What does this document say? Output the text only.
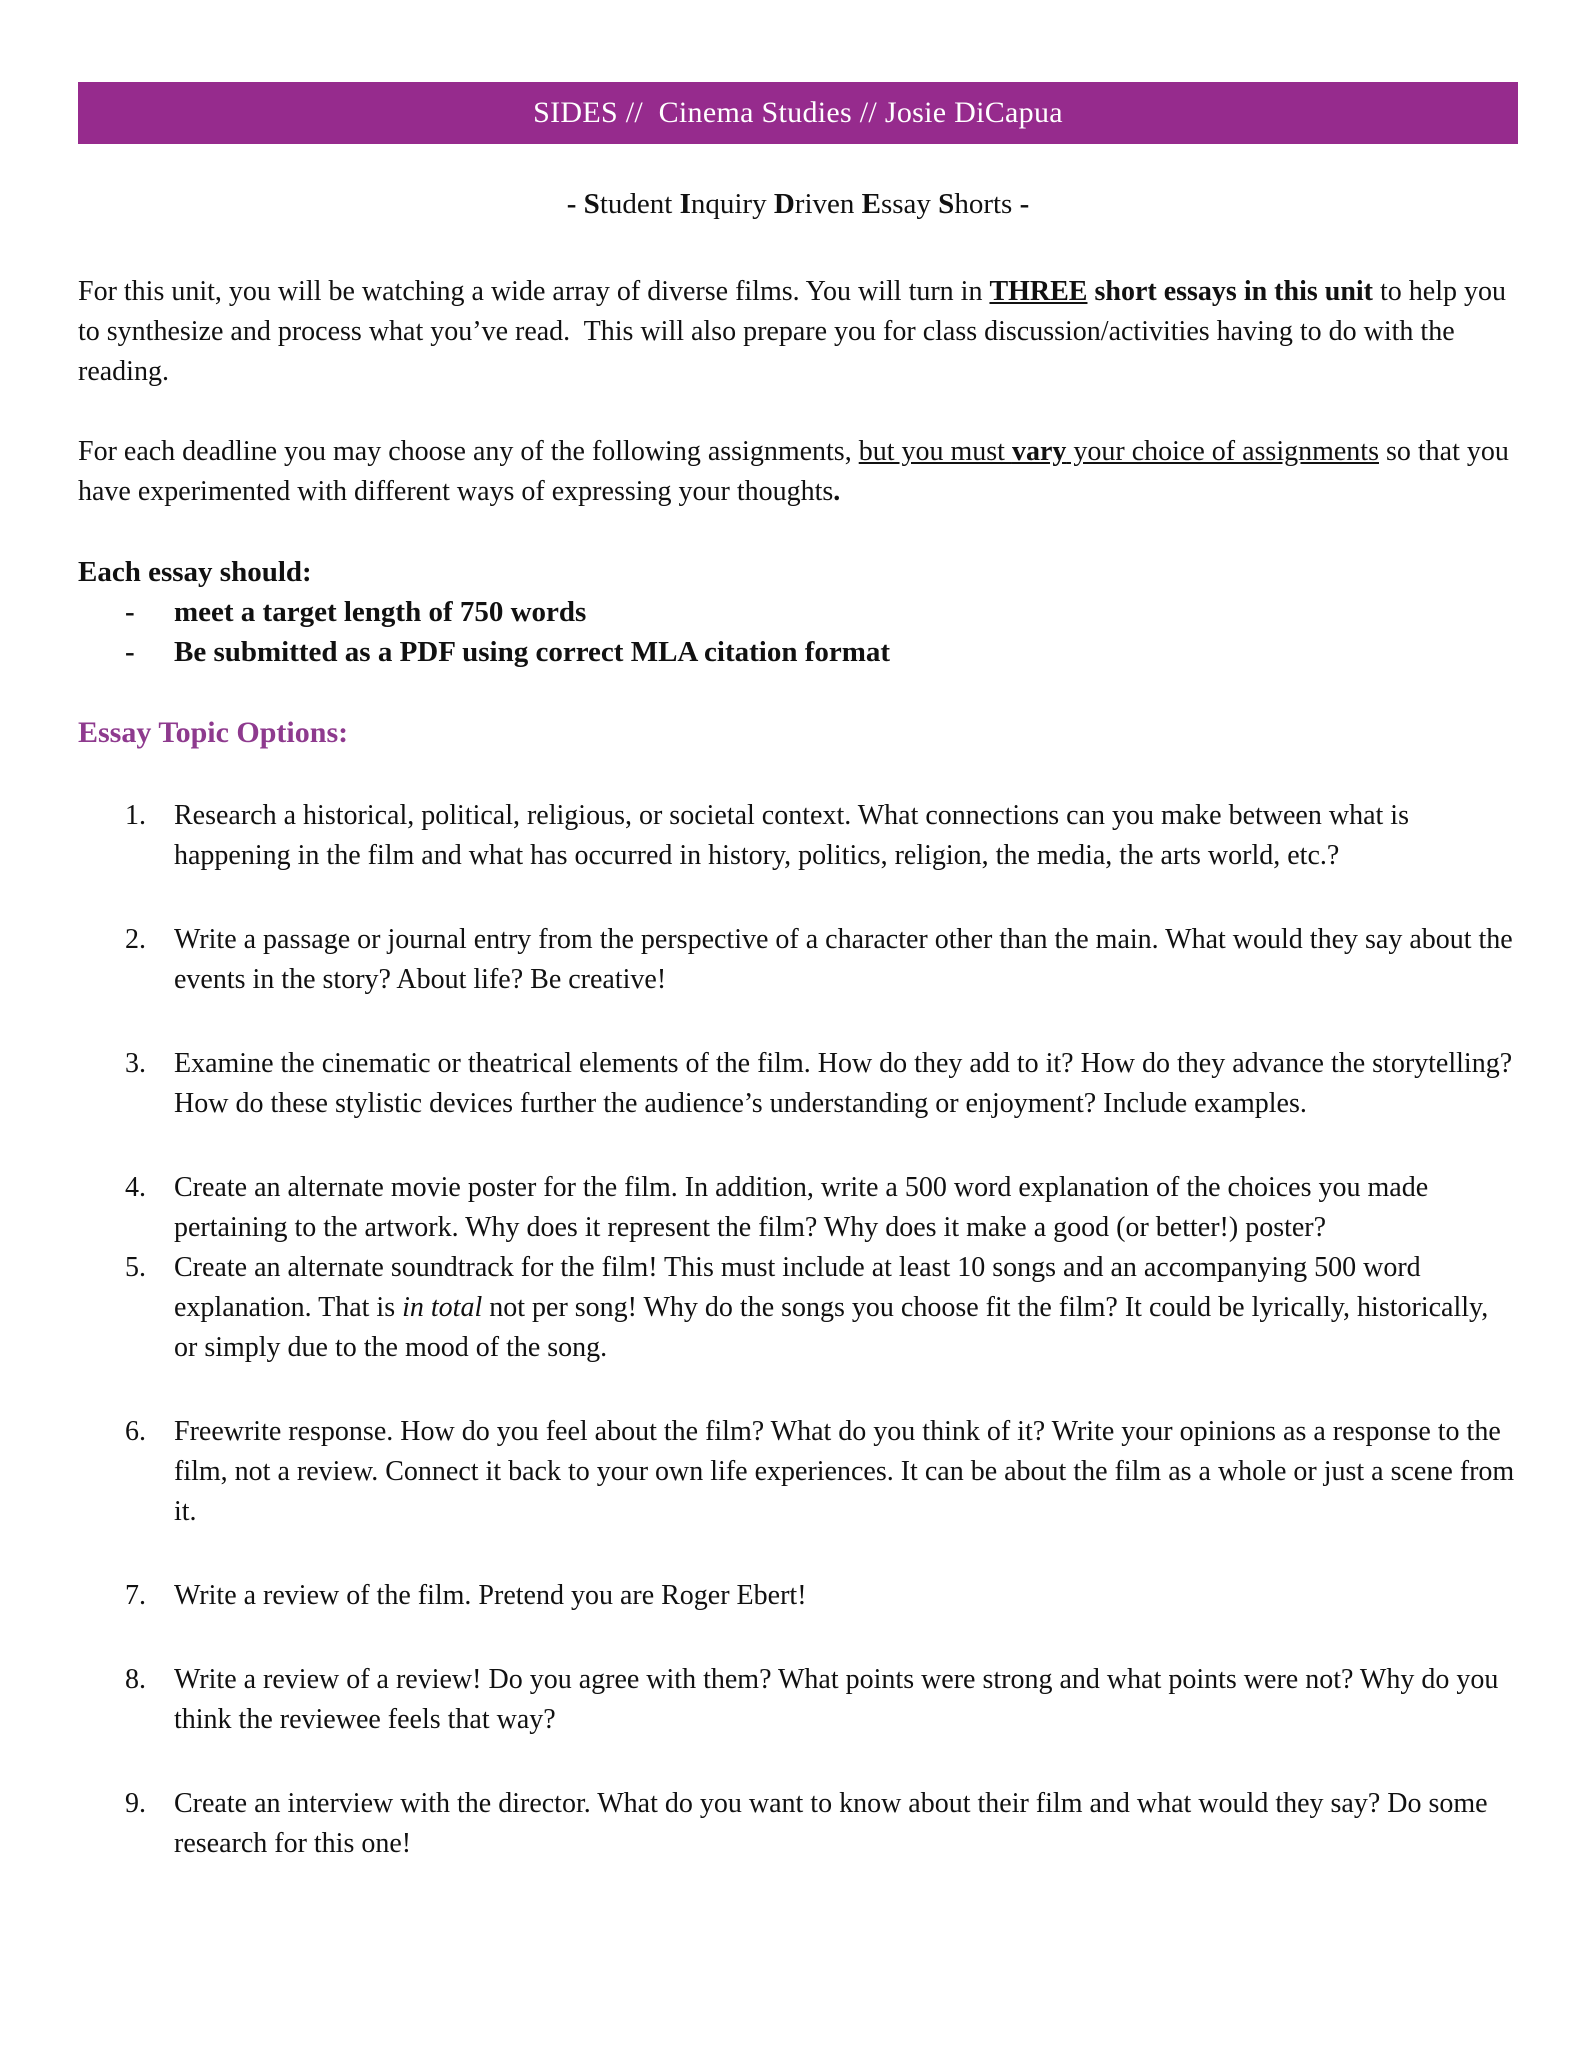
SIDES //  Cinema Studies // Josie DiCapua
- Student Inquiry Driven Essay Shorts -

For this unit, you will be watching a wide array of diverse films. You will turn in THREE short essays in this unit to help you to synthesize and process what you’ve read.  This will also prepare you for class discussion/activities having to do with the reading.

For each deadline you may choose any of the following assignments, but you must vary your choice of assignments so that you have experimented with different ways of expressing your thoughts.

Each essay should:

-	meet a target length of 750 words
-	Be submitted as a PDF using correct MLA citation format
Essay Topic Options:
1.	Research a historical, political, religious, or societal context. What connections can you make between what is happening in the film and what has occurred in history, politics, religion, the media, the arts world, etc.?
2.	Write a passage or journal entry from the perspective of a character other than the main. What would they say about the events in the story? About life? Be creative!
3.	Examine the cinematic or theatrical elements of the film. How do they add to it? How do they advance the storytelling? How do these stylistic devices further the audience’s understanding or enjoyment? Include examples.
4.	Create an alternate movie poster for the film. In addition, write a 500 word explanation of the choices you made pertaining to the artwork. Why does it represent the film? Why does it make a good (or better!) poster?
5.	Create an alternate soundtrack for the film! This must include at least 10 songs and an accompanying 500 word explanation. That is in total not per song! Why do the songs you choose fit the film? It could be lyrically, historically, or simply due to the mood of the song.
6.	Freewrite response. How do you feel about the film? What do you think of it? Write your opinions as a response to the film, not a review. Connect it back to your own life experiences. It can be about the film as a whole or just a scene from it.
7.	Write a review of the film. Pretend you are Roger Ebert!
8.	Write a review of a review! Do you agree with them? What points were strong and what points were not? Why do you think the reviewee feels that way?
9.	Create an interview with the director. What do you want to know about their film and what would they say? Do some research for this one!
